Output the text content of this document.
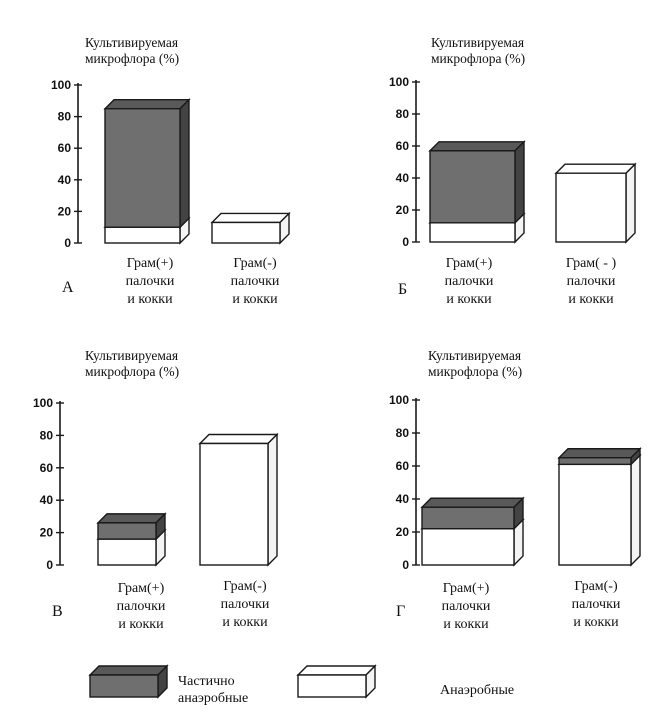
Культивируемая
микрофлора (%)
0
20
40
60
80
100
Грам(+)
палочки
и кокки
Грам(-)
палочки
и кокки
А
Культивируемая
микрофлора (%)
0
20
40
60
80
100
Грам(+)
палочки
и кокки
Грам( - )
палочки
и кокки
Б
Культивируемая
микрофлора (%)
0
20
40
60
80
100
Грам(+)
палочки
и кокки
Грам(-)
палочки
и кокки
В
Культивируемая
микрофлора (%)
0
20
40
60
80
100
Грам(+)
палочки
и кокки
Грам(-)
палочки
и кокки
Г
Частично
анаэробные
Анаэробные
